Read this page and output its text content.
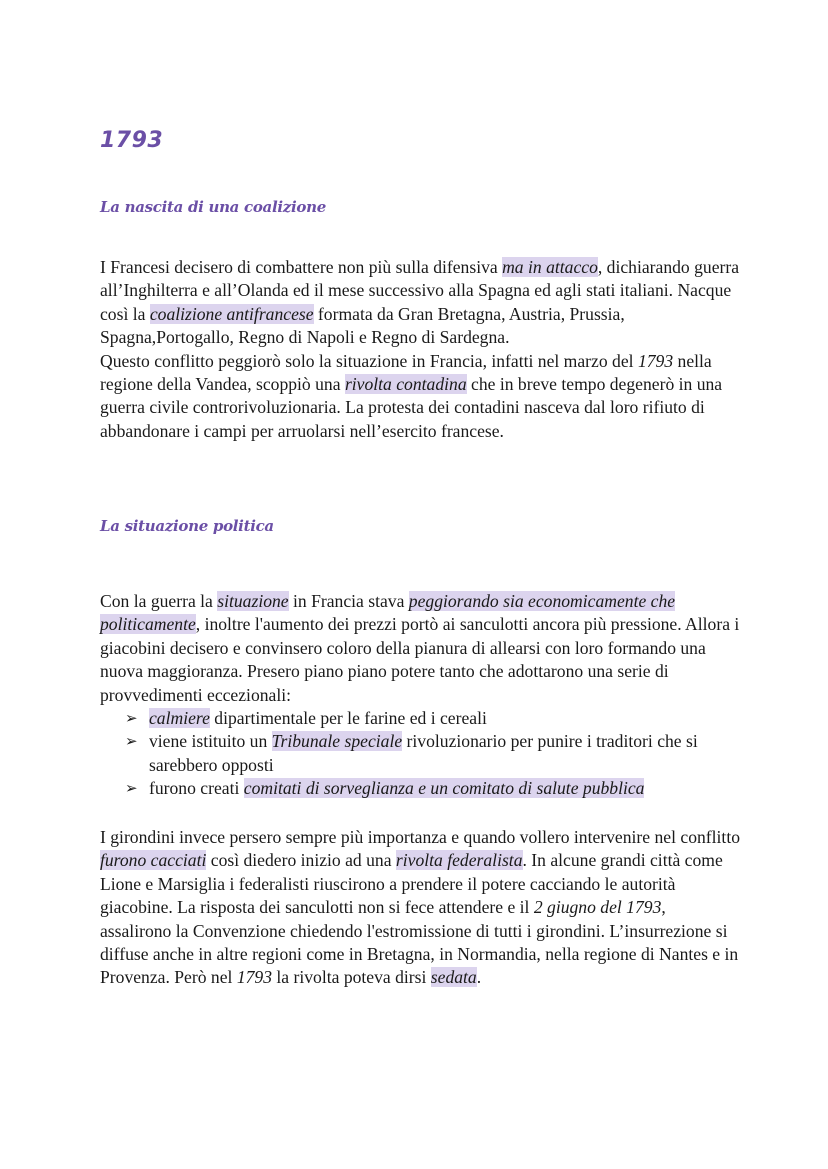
1793
La nascita di una coalizione

I Francesi decisero di combattere non più sulla difensiva ma in attacco, dichiarando guerra all’Inghilterra e all’Olanda ed il mese successivo alla Spagna ed agli stati italiani. Nacque così la coalizione antifrancese formata da Gran Bretagna, Austria, Prussia, Spagna,Portogallo, Regno di Napoli e Regno di Sardegna.

Questo conflitto peggiorò solo la situazione in Francia, infatti nel marzo del 1793 nella regione della Vandea, scoppiò una rivolta contadina che in breve tempo degenerò in una guerra civile controrivoluzionaria. La protesta dei contadini nasceva dal loro rifiuto di abbandonare i campi per arruolarsi nell’esercito francese.

La situazione politica

Con la guerra la situazione in Francia stava peggiorando sia economicamente che politicamente, inoltre l'aumento dei prezzi portò ai sanculotti ancora più pressione. Allora i giacobini decisero e convinsero coloro della pianura di allearsi con loro formando una nuova maggioranza. Presero piano piano potere tanto che adottarono una serie di provvedimenti eccezionali:

➢ calmiere dipartimentale per le farine ed i cereali
➢ viene istituito un Tribunale speciale rivoluzionario per punire i traditori che si sarebbero opposti
➢ furono creati comitati di sorveglianza e un comitato di salute pubblica

I girondini invece persero sempre più importanza e quando vollero intervenire nel conflitto furono cacciati così diedero inizio ad una rivolta federalista. In alcune grandi città come Lione e Marsiglia i federalisti riuscirono a prendere il potere cacciando le autorità giacobine. La risposta dei sanculotti non si fece attendere e il 2 giugno del 1793, assalirono la Convenzione chiedendo l'estromissione di tutti i girondini. L’insurrezione si diffuse anche in altre regioni come in Bretagna, in Normandia, nella regione di Nantes e in Provenza. Però nel 1793 la rivolta poteva dirsi sedata.
